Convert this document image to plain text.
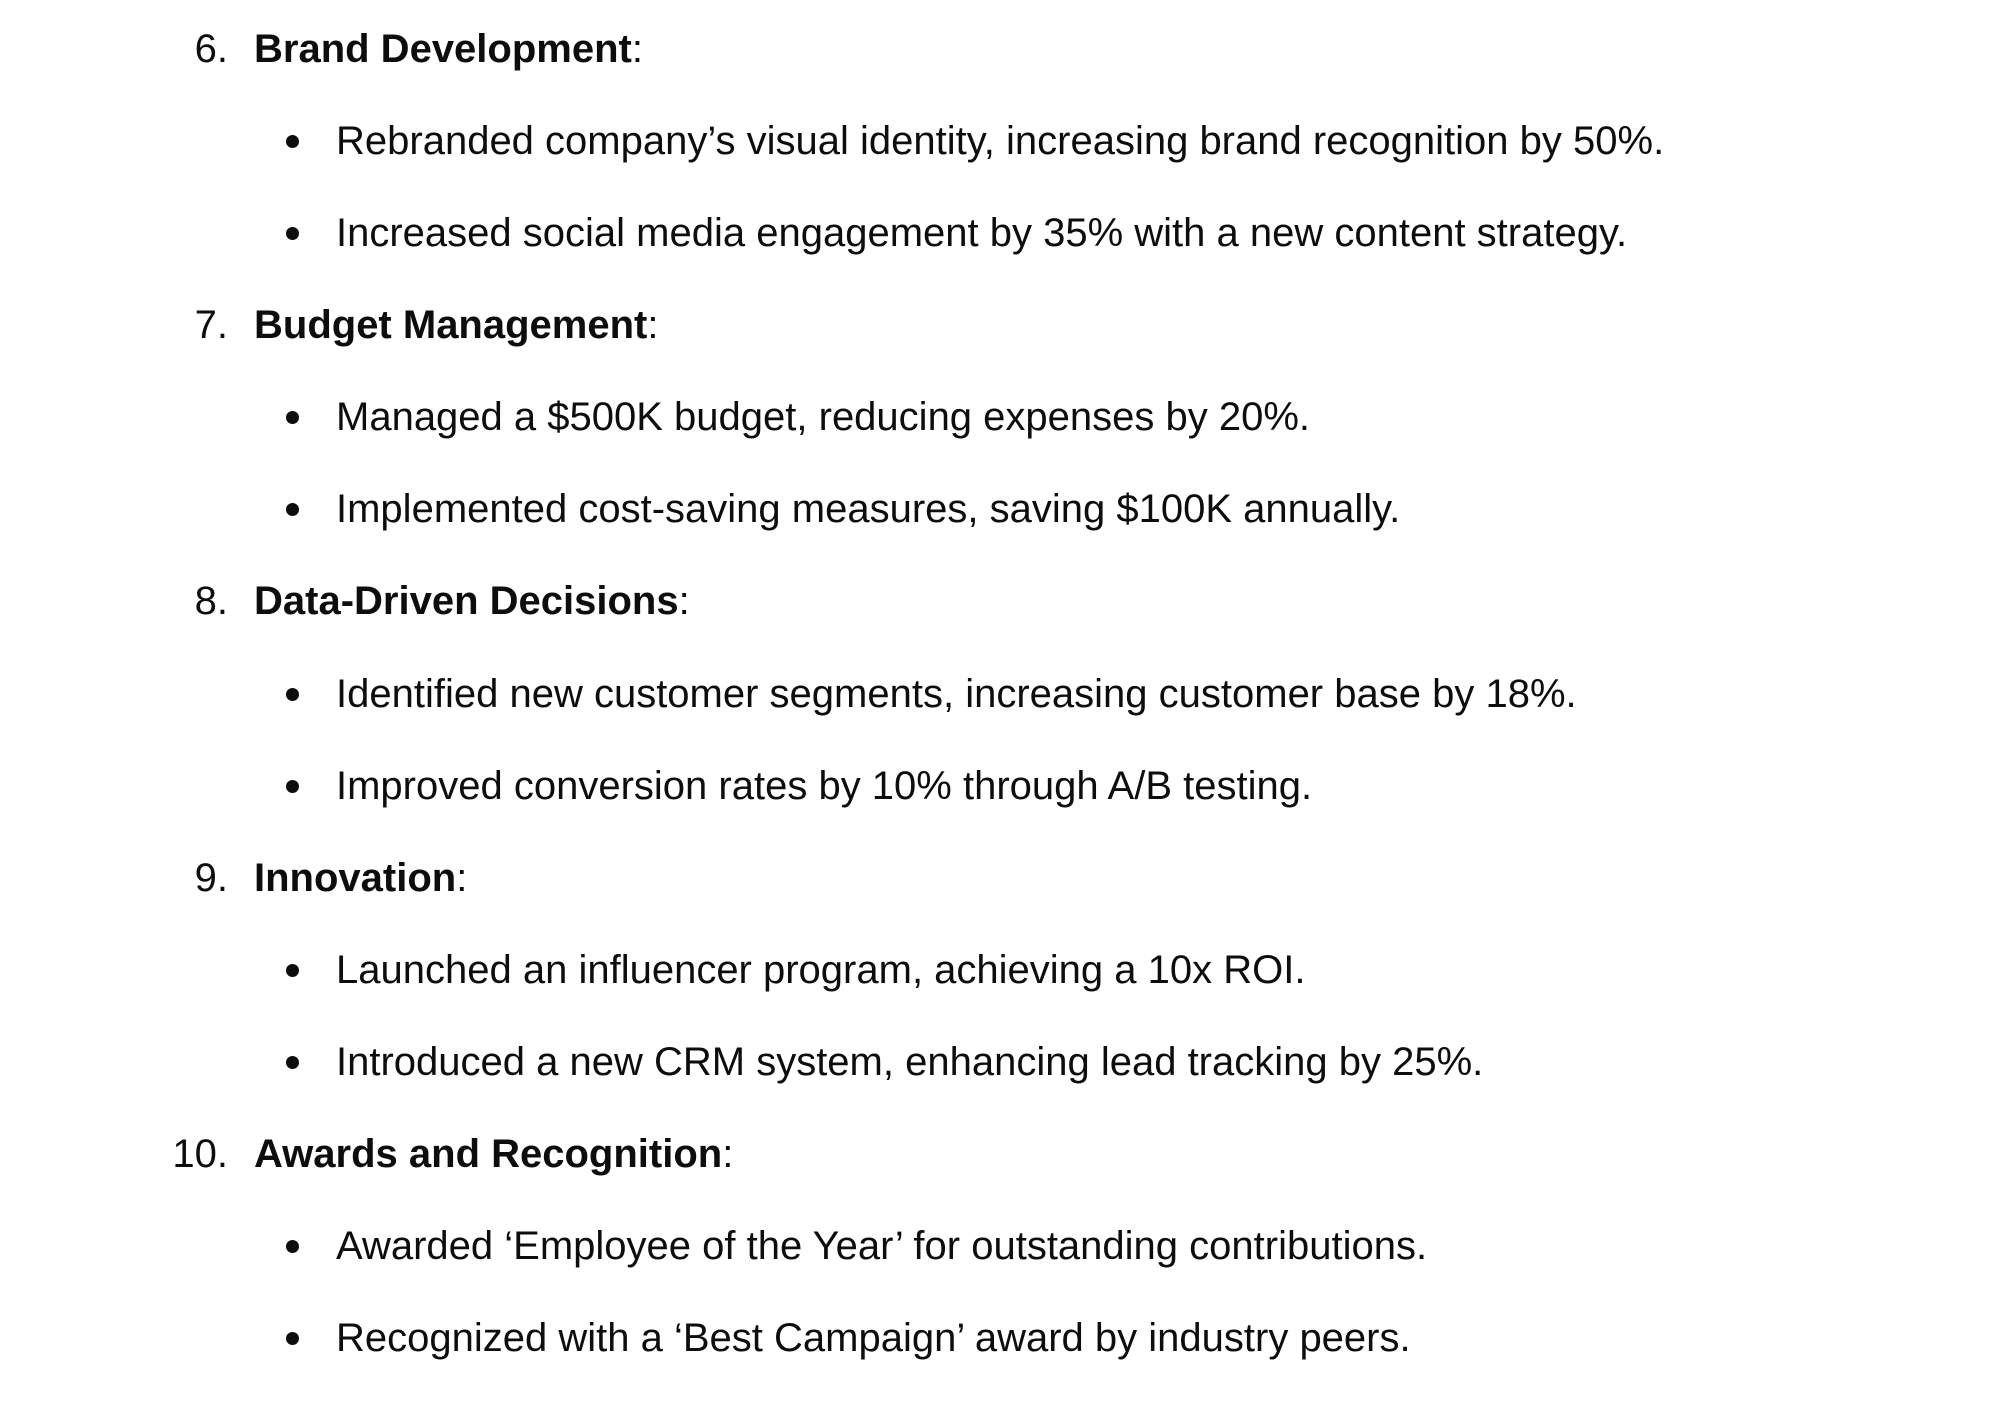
6. Brand Development:
Rebranded company’s visual identity, increasing brand recognition by 50%.
Increased social media engagement by 35% with a new content strategy.
7. Budget Management:
Managed a $500K budget, reducing expenses by 20%.
Implemented cost-saving measures, saving $100K annually.
8. Data-Driven Decisions:
Identified new customer segments, increasing customer base by 18%.
Improved conversion rates by 10% through A/B testing.
9. Innovation:
Launched an influencer program, achieving a 10x ROI.
Introduced a new CRM system, enhancing lead tracking by 25%.
10. Awards and Recognition:
Awarded ‘Employee of the Year’ for outstanding contributions.
Recognized with a ‘Best Campaign’ award by industry peers.
